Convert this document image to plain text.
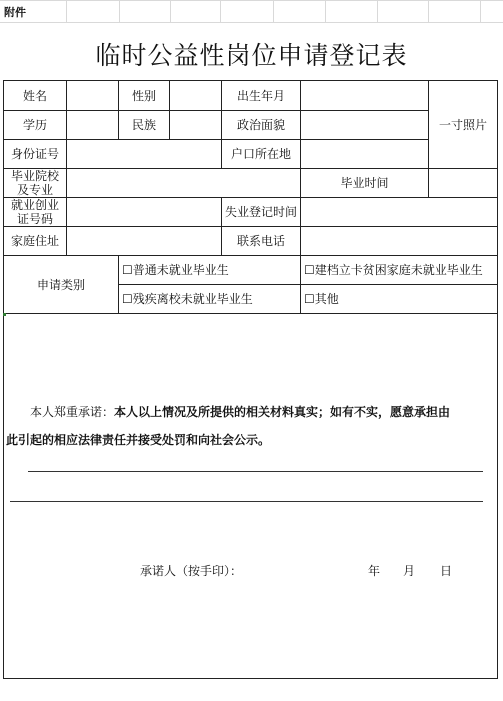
附件
临时公益性岗位申请登记表
姓名	性别	出生年月
一寸照片
学历	民族	政治面貌
身份证号	户口所在地
毕业院校及专业	毕业时间
就业创业证号码	失业登记时间
家庭住址	联系电话
申请类别
☐普通未就业毕业生	☐建档立卡贫困家庭未就业毕业生
☐残疾离校未就业毕业生	☐其他
本人郑重承诺：本人以上情况及所提供的相关材料真实；如有不实，愿意承担由
此引起的相应法律责任并接受处罚和向社会公示。
承诺人（按手印）：	年 月 日
